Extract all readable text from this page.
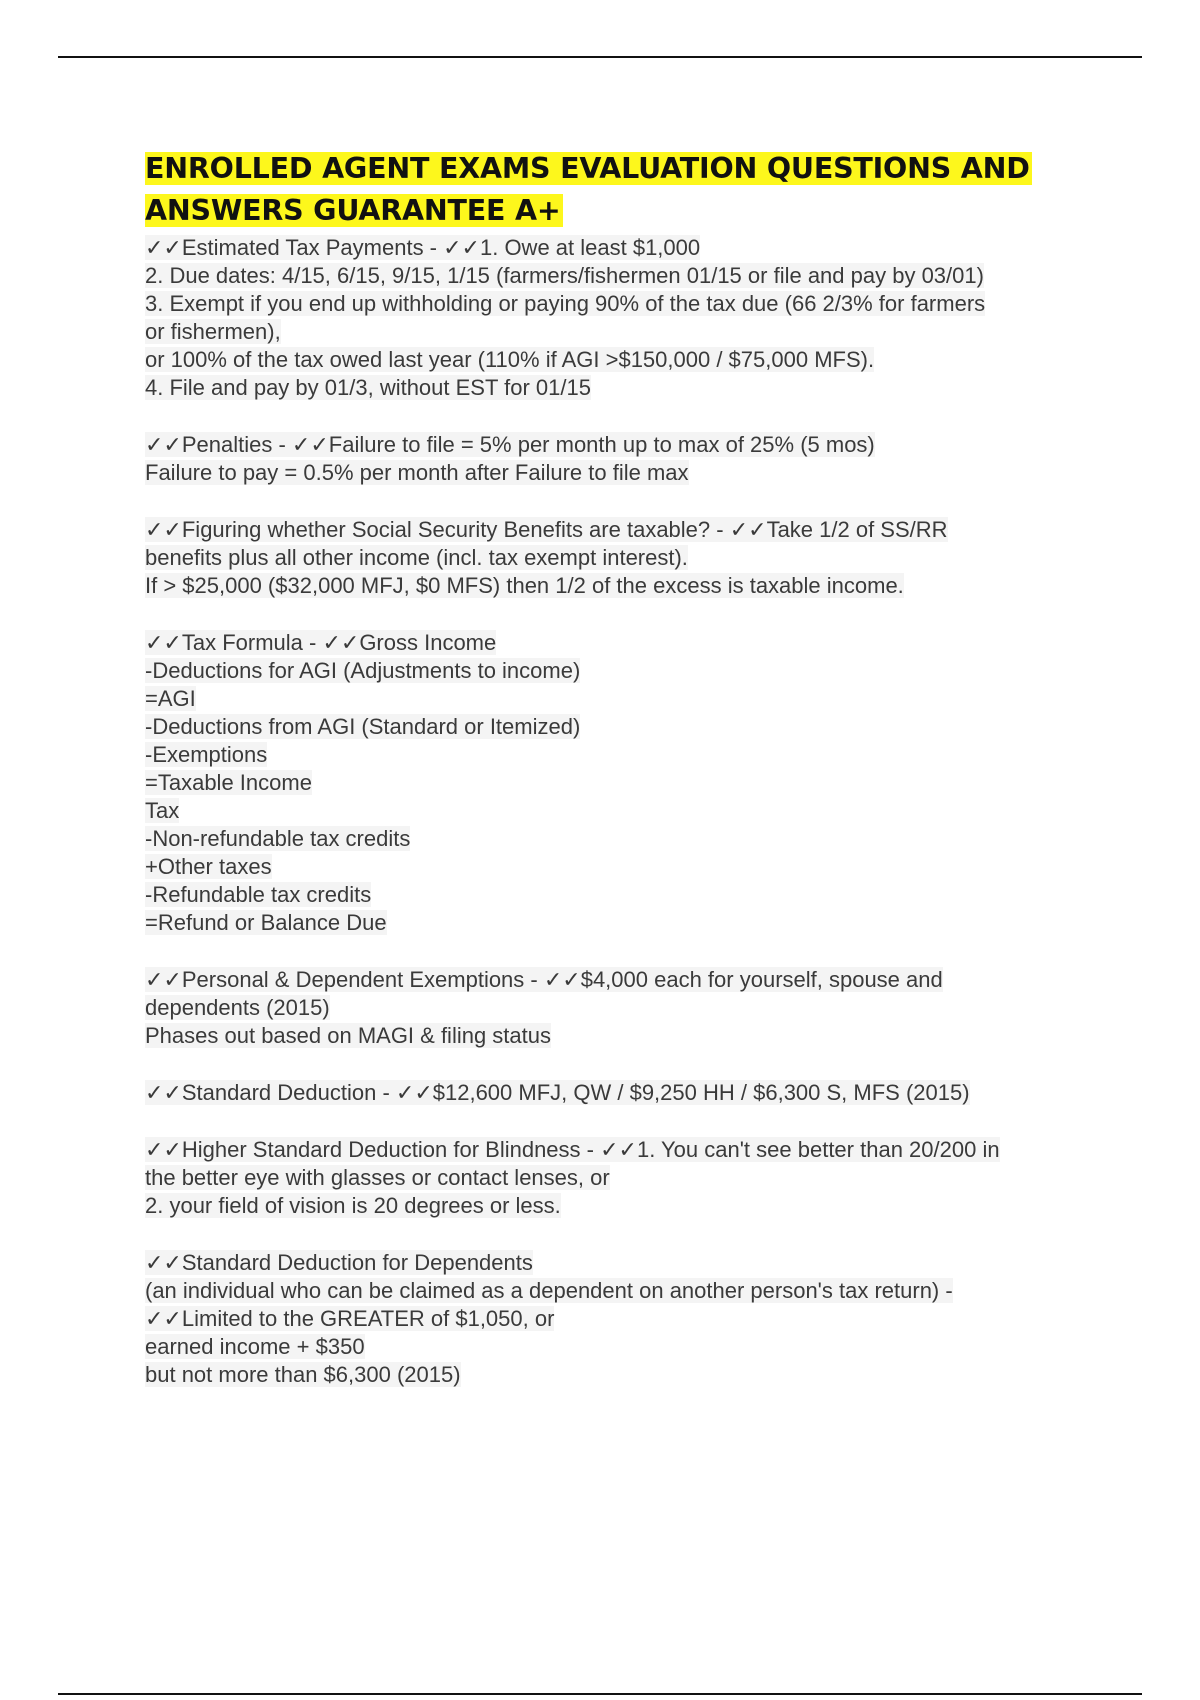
ENROLLED AGENT EXAMS EVALUATION QUESTIONS AND
ANSWERS GUARANTEE A+
✓✓Estimated Tax Payments - ✓✓1. Owe at least $1,000
2. Due dates: 4/15, 6/15, 9/15, 1/15 (farmers/fishermen 01/15 or file and pay by 03/01)
3. Exempt if you end up withholding or paying 90% of the tax due (66 2/3% for farmers
or fishermen),
or 100% of the tax owed last year (110% if AGI >$150,000 / $75,000 MFS).
4. File and pay by 01/3, without EST for 01/15
✓✓Penalties - ✓✓Failure to file = 5% per month up to max of 25% (5 mos)
Failure to pay = 0.5% per month after Failure to file max
✓✓Figuring whether Social Security Benefits are taxable? - ✓✓Take 1/2 of SS/RR
benefits plus all other income (incl. tax exempt interest).
If > $25,000 ($32,000 MFJ, $0 MFS) then 1/2 of the excess is taxable income.
✓✓Tax Formula - ✓✓Gross Income
-Deductions for AGI (Adjustments to income)
=AGI
-Deductions from AGI (Standard or Itemized)
-Exemptions
=Taxable Income
Tax
-Non-refundable tax credits
+Other taxes
-Refundable tax credits
=Refund or Balance Due
✓✓Personal & Dependent Exemptions - ✓✓$4,000 each for yourself, spouse and
dependents (2015)
Phases out based on MAGI & filing status
✓✓Standard Deduction - ✓✓$12,600 MFJ, QW / $9,250 HH / $6,300 S, MFS (2015)
✓✓Higher Standard Deduction for Blindness - ✓✓1. You can't see better than 20/200 in
the better eye with glasses or contact lenses, or
2. your field of vision is 20 degrees or less.
✓✓Standard Deduction for Dependents
(an individual who can be claimed as a dependent on another person's tax return) -
✓✓Limited to the GREATER of $1,050, or
earned income + $350
but not more than $6,300 (2015)
